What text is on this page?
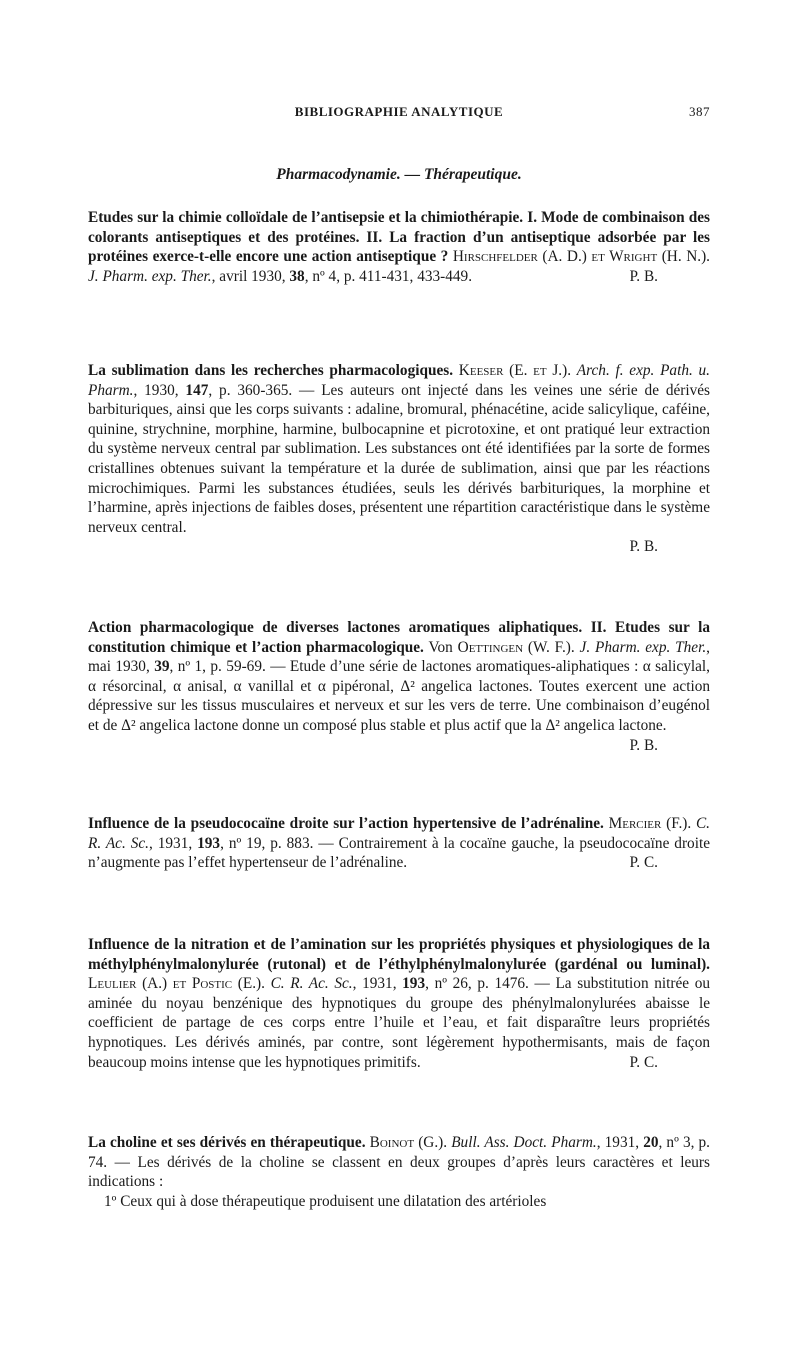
BIBLIOGRAPHIE ANALYTIQUE	387
Pharmacodynamie. — Thérapeutique.

Etudes sur la chimie colloïdale de l’antisepsie et la chimiothérapie. I. Mode de combinaison des colorants antiseptiques et des protéines. II. La fraction d’un antiseptique adsorbée par les protéines exerce-t-elle encore une action antiseptique ? Hirschfelder (A. D.) et Wright (H. N.). J. Pharm. exp. Ther., avril 1930, 38, nº 4, p. 411-431, 433-449.	P. B.

La sublimation dans les recherches pharmacologiques. Keeser (E. et J.). Arch. f. exp. Path. u. Pharm., 1930, 147, p. 360-365. — Les auteurs ont injecté dans les veines une série de dérivés barbituriques, ainsi que les corps suivants : adaline, bromural, phénacétine, acide salicylique, caféine, quinine, strychnine, morphine, harmine, bulbocapnine et picrotoxine, et ont pratiqué leur extraction du système nerveux central par sublimation. Les substances ont été identifiées par la sorte de formes cristallines obtenues suivant la température et la durée de sublimation, ainsi que par les réactions microchimiques. Parmi les substances étudiées, seuls les dérivés barbituriques, la morphine et l’harmine, après injections de faibles doses, présentent une répartition caractéristique dans le système nerveux central.

P. B.

Action pharmacologique de diverses lactones aromatiques aliphatiques. II. Etudes sur la constitution chimique et l’action pharmacologique. Von Oettingen (W. F.). J. Pharm. exp. Ther., mai 1930, 39, nº 1, p. 59-69. — Etude d’une série de lactones aromatiques-aliphatiques : α salicylal, α résorcinal, α anisal, α vanillal et α pipéronal, Δ² angelica lactones. Toutes exercent une action dépressive sur les tissus musculaires et nerveux et sur les vers de terre. Une combinaison d’eugénol et de Δ² angelica lactone donne un composé plus stable et plus actif que la Δ² angelica lactone.

P. B.

Influence de la pseudococaïne droite sur l’action hypertensive de l’adrénaline. Mercier (F.). C. R. Ac. Sc., 1931, 193, nº 19, p. 883. — Contrairement à la cocaïne gauche, la pseudococaïne droite n’augmente pas l’effet hypertenseur de l’adrénaline.	P. C.

Influence de la nitration et de l’amination sur les propriétés physiques et physiologiques de la méthylphénylmalonylurée (rutonal) et de l’éthylphénylmalonylurée (gardénal ou luminal). Leulier (A.) et Postic (E.). C. R. Ac. Sc., 1931, 193, nº 26, p. 1476. — La substitution nitrée ou aminée du noyau benzénique des hypnotiques du groupe des phénylmalonylurées abaisse le coefficient de partage de ces corps entre l’huile et l’eau, et fait disparaître leurs propriétés hypnotiques. Les dérivés aminés, par contre, sont légèrement hypothermisants, mais de façon beaucoup moins intense que les hypnotiques primitifs.	P. C.

La choline et ses dérivés en thérapeutique. Boinot (G.). Bull. Ass. Doct. Pharm., 1931, 20, nº 3, p. 74. — Les dérivés de la choline se classent en deux groupes d’après leurs caractères et leurs indications :

1º Ceux qui à dose thérapeutique produisent une dilatation des artérioles
